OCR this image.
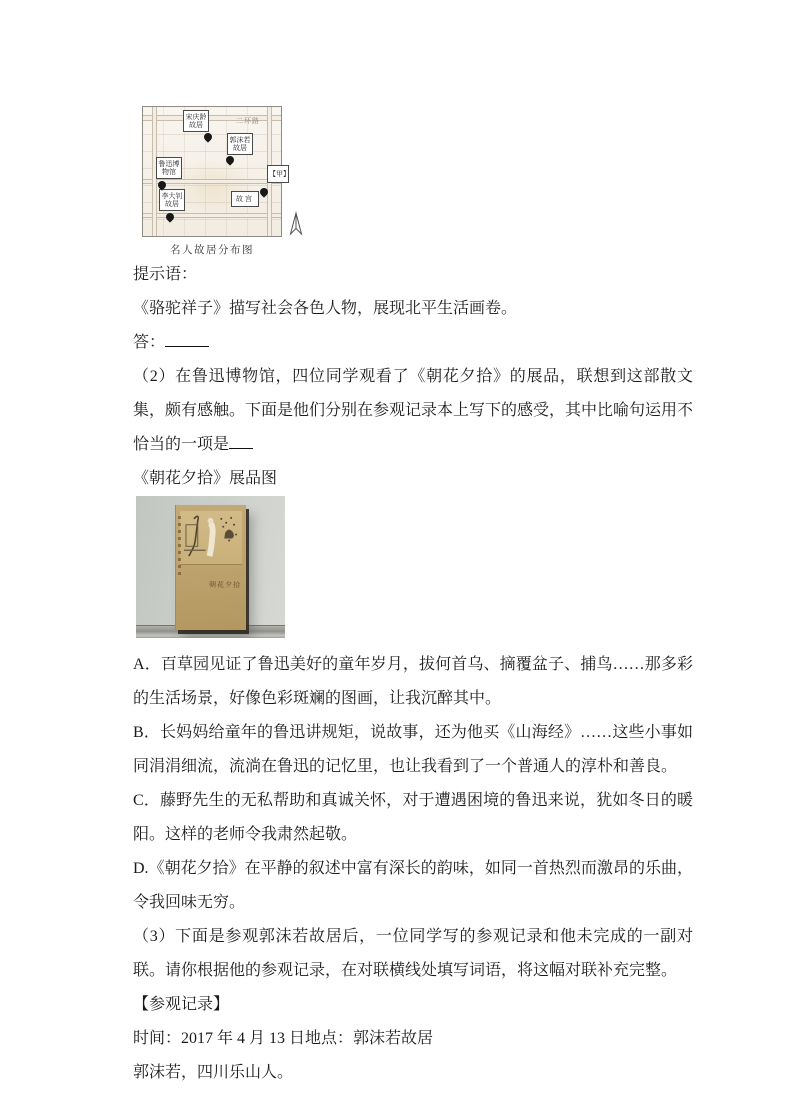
二环路
宋庆龄故居
郭沫若故居
鲁迅博物馆
李大钊故居
故宫
【甲】
名人故居分布图

提示语：

《骆驼祥子》描写社会各色人物，展现北平生活画卷。

答：

（2）在鲁迅博物馆，四位同学观看了《朝花夕拾》的展品，联想到这部散文集，颇有感触。下面是他们分别在参观记录本上写下的感受，其中比喻句运用不恰当的一项是

《朝花夕拾》展品图

朝花夕拾

A．百草园见证了鲁迅美好的童年岁月，拔何首乌、摘覆盆子、捕鸟……那多彩的生活场景，好像色彩斑斓的图画，让我沉醉其中。

B．长妈妈给童年的鲁迅讲规矩，说故事，还为他买《山海经》……这些小事如同涓涓细流，流淌在鲁迅的记忆里，也让我看到了一个普通人的淳朴和善良。

C．藤野先生的无私帮助和真诚关怀，对于遭遇困境的鲁迅来说，犹如冬日的暖阳。这样的老师令我肃然起敬。

D.《朝花夕拾》在平静的叙述中富有深长的韵味，如同一首热烈而激昂的乐曲，令我回味无穷。

（3）下面是参观郭沫若故居后，一位同学写的参观记录和他未完成的一副对联。请你根据他的参观记录，在对联横线处填写词语，将这幅对联补充完整。

【参观记录】

时间：2017 年 4 月 13 日地点：郭沫若故居

郭沫若，四川乐山人。
